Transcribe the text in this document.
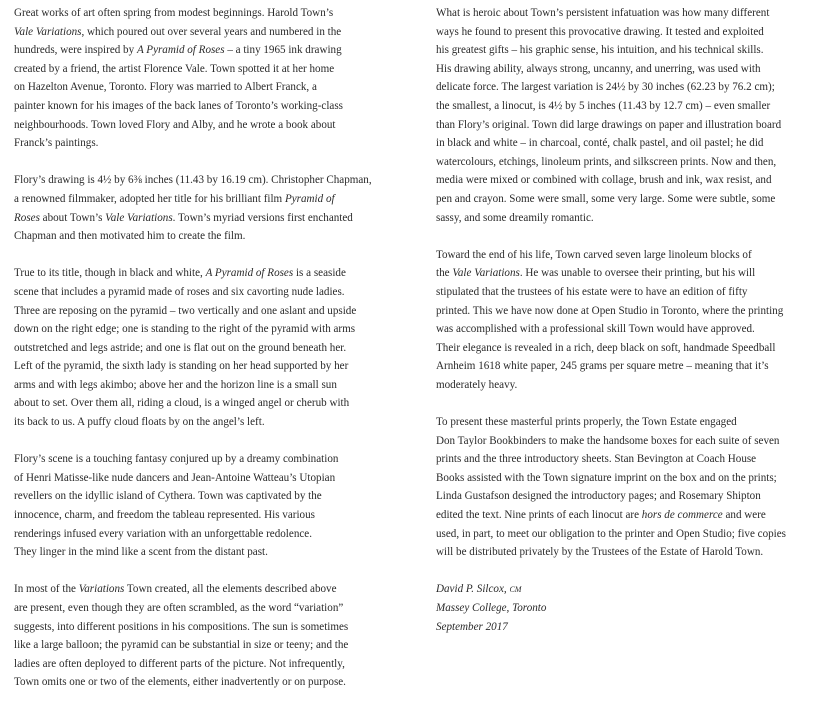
Great works of art often spring from modest beginnings. Harold Town’s
Vale Variations, which poured out over several years and numbered in the
hundreds, were inspired by A Pyramid of Roses – a tiny 1965 ink drawing
created by a friend, the artist Florence Vale. Town spotted it at her home
on Hazelton Avenue, Toronto. Flory was married to Albert Franck, a
painter known for his images of the back lanes of Toronto’s working-class
neighbourhoods. Town loved Flory and Alby, and he wrote a book about
Franck’s paintings.

Flory’s drawing is 4½ by 6⅜ inches (11.43 by 16.19 cm). Christopher Chapman,
a renowned filmmaker, adopted her title for his brilliant film Pyramid of
Roses about Town’s Vale Variations. Town’s myriad versions first enchanted
Chapman and then motivated him to create the film.

True to its title, though in black and white, A Pyramid of Roses is a seaside
scene that includes a pyramid made of roses and six cavorting nude ladies.
Three are reposing on the pyramid – two vertically and one aslant and upside
down on the right edge; one is standing to the right of the pyramid with arms
outstretched and legs astride; and one is flat out on the ground beneath her.
Left of the pyramid, the sixth lady is standing on her head supported by her
arms and with legs akimbo; above her and the horizon line is a small sun
about to set. Over them all, riding a cloud, is a winged angel or cherub with
its back to us. A puffy cloud floats by on the angel’s left.

Flory’s scene is a touching fantasy conjured up by a dreamy combination
of Henri Matisse-like nude dancers and Jean-Antoine Watteau’s Utopian
revellers on the idyllic island of Cythera. Town was captivated by the
innocence, charm, and freedom the tableau represented. His various
renderings infused every variation with an unforgettable redolence.
They linger in the mind like a scent from the distant past.

In most of the Variations Town created, all the elements described above
are present, even though they are often scrambled, as the word “variation”
suggests, into different positions in his compositions. The sun is sometimes
like a large balloon; the pyramid can be substantial in size or teeny; and the
ladies are often deployed to different parts of the picture. Not infrequently,
Town omits one or two of the elements, either inadvertently or on purpose.

What is heroic about Town’s persistent infatuation was how many different
ways he found to present this provocative drawing. It tested and exploited
his greatest gifts – his graphic sense, his intuition, and his technical skills.
His drawing ability, always strong, uncanny, and unerring, was used with
delicate force. The largest variation is 24½ by 30 inches (62.23 by 76.2 cm);
the smallest, a linocut, is 4½ by 5 inches (11.43 by 12.7 cm) – even smaller
than Flory’s original. Town did large drawings on paper and illustration board
in black and white – in charcoal, conté, chalk pastel, and oil pastel; he did
watercolours, etchings, linoleum prints, and silkscreen prints. Now and then,
media were mixed or combined with collage, brush and ink, wax resist, and
pen and crayon. Some were small, some very large. Some were subtle, some
sassy, and some dreamily romantic.

Toward the end of his life, Town carved seven large linoleum blocks of
the Vale Variations. He was unable to oversee their printing, but his will
stipulated that the trustees of his estate were to have an edition of fifty
printed. This we have now done at Open Studio in Toronto, where the printing
was accomplished with a professional skill Town would have approved.
Their elegance is revealed in a rich, deep black on soft, handmade Speedball
Arnheim 1618 white paper, 245 grams per square metre – meaning that it’s
moderately heavy.

To present these masterful prints properly, the Town Estate engaged
Don Taylor Bookbinders to make the handsome boxes for each suite of seven
prints and the three introductory sheets. Stan Bevington at Coach House
Books assisted with the Town signature imprint on the box and on the prints;
Linda Gustafson designed the introductory pages; and Rosemary Shipton
edited the text. Nine prints of each linocut are hors de commerce and were
used, in part, to meet our obligation to the printer and Open Studio; five copies
will be distributed privately by the Trustees of the Estate of Harold Town.

David P. Silcox, cm
Massey College, Toronto
September 2017
